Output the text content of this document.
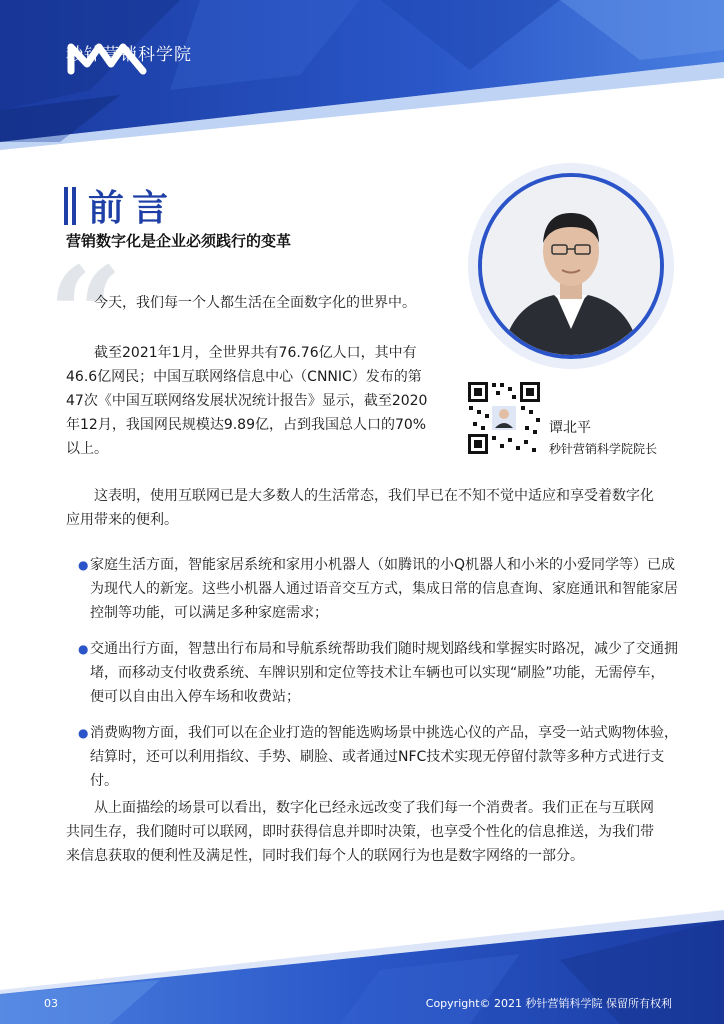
秒针营销科学院
前言
营销数字化是企业必须践行的变革
“
谭北平
秒针营销科学院院长

今天，我们每一个人都生活在全面数字化的世界中。

截至2021年1月，全世界共有76.76亿人口，其中有46.6亿网民；中国互联网络信息中心（CNNIC）发布的第47次《中国互联网络发展状况统计报告》显示，截至2020年12月，我国网民规模达9.89亿，占到我国总人口的70%以上。

这表明，使用互联网已是大多数人的生活常态，我们早已在不知不觉中适应和享受着数字化应用带来的便利。

● 家庭生活方面，智能家居系统和家用小机器人（如腾讯的小Q机器人和小米的小爱同学等）已成为现代人的新宠。这些小机器人通过语音交互方式，集成日常的信息查询、家庭通讯和智能家居控制等功能，可以满足多种家庭需求；
● 交通出行方面，智慧出行布局和导航系统帮助我们随时规划路线和掌握实时路况，减少了交通拥堵，而移动支付收费系统、车牌识别和定位等技术让车辆也可以实现“刷脸”功能，无需停车，便可以自由出入停车场和收费站；
● 消费购物方面，我们可以在企业打造的智能选购场景中挑选心仪的产品，享受一站式购物体验，结算时，还可以利用指纹、手势、刷脸、或者通过NFC技术实现无停留付款等多种方式进行支付。

从上面描绘的场景可以看出，数字化已经永远改变了我们每一个消费者。我们正在与互联网共同生存，我们随时可以联网，即时获得信息并即时决策，也享受个性化的信息推送，为我们带来信息获取的便利性及满足性，同时我们每个人的联网行为也是数字网络的一部分。

03	Copyright© 2021 秒针营销科学院 保留所有权利
